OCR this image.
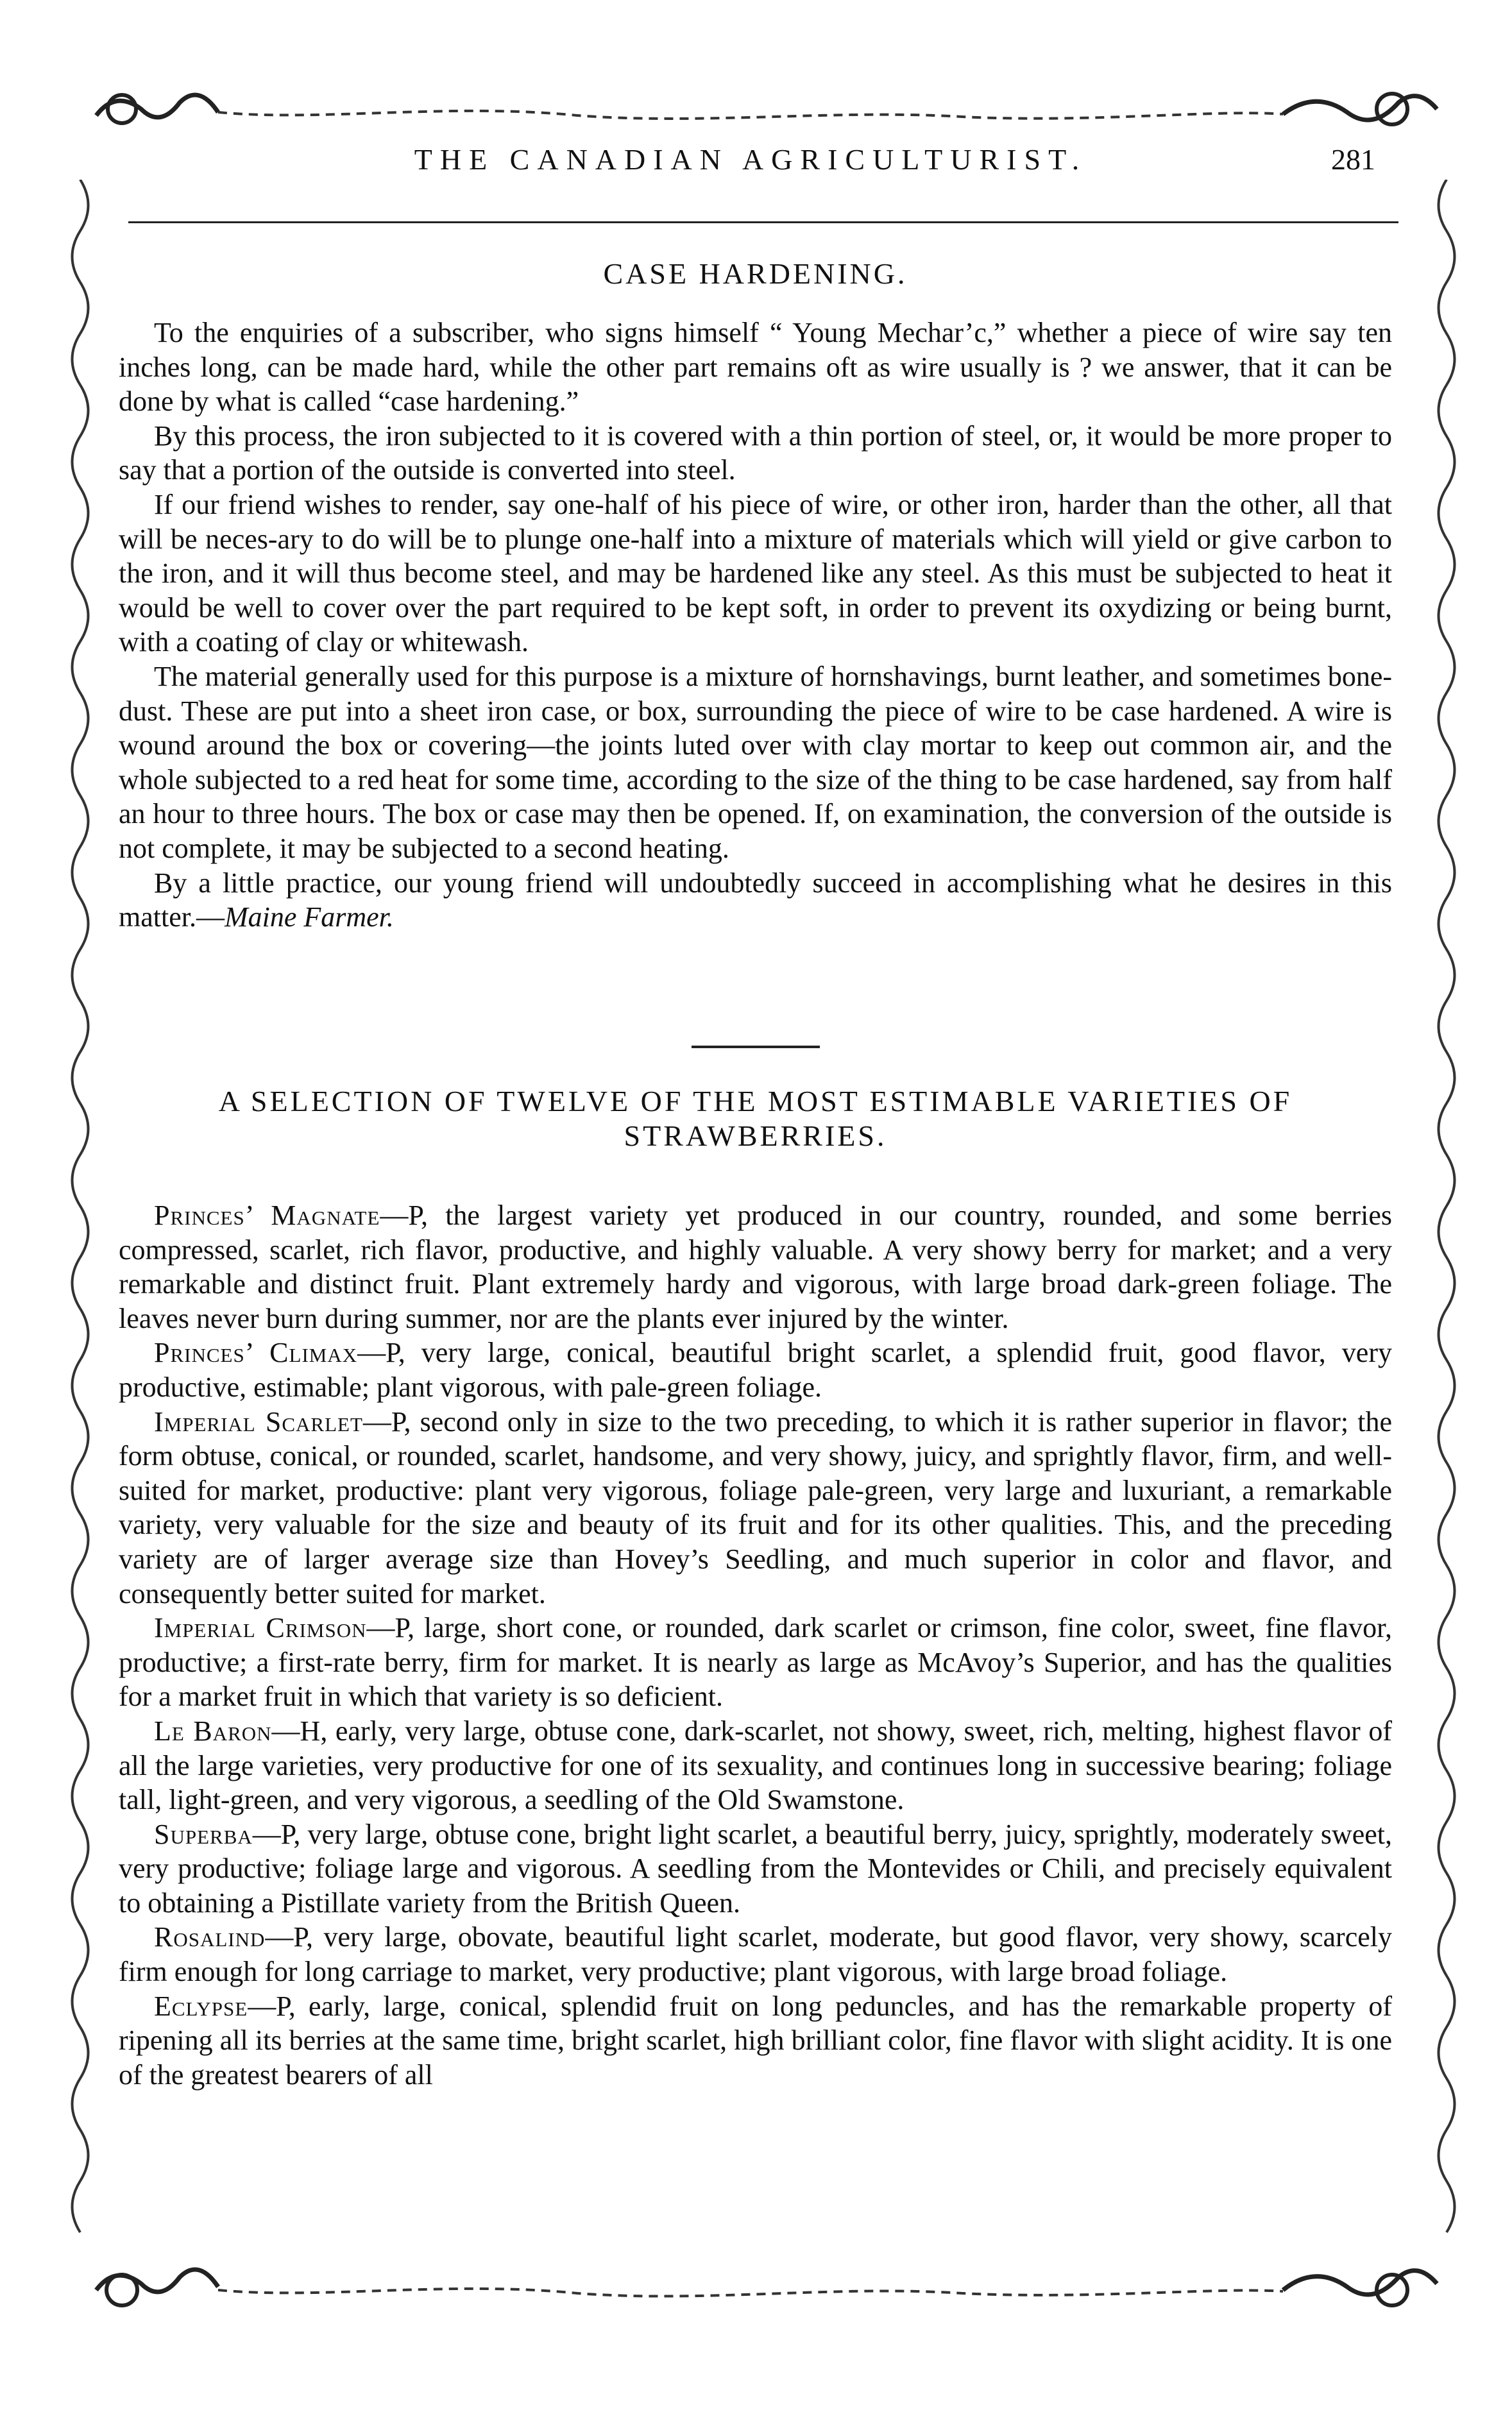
THE CANADIAN AGRICULTURIST.	281
CASE HARDENING.

To the enquiries of a subscriber, who signs himself “ Young Mechar’c,” whether a piece of wire say ten inches long, can be made hard, while the other part remains oft as wire usually is ? we answer, that it can be done by what is called “case hardening.”

By this process, the iron subjected to it is covered with a thin portion of steel, or, it would be more proper to say that a portion of the outside is converted into steel.

If our friend wishes to render, say one-half of his piece of wire, or other iron, harder than the other, all that will be neces-ary to do will be to plunge one-half into a mixture of materials which will yield or give carbon to the iron, and it will thus become steel, and may be hardened like any steel. As this must be subjected to heat it would be well to cover over the part required to be kept soft, in order to prevent its oxydizing or being burnt, with a coating of clay or whitewash.

The material generally used for this purpose is a mixture of hornshavings, burnt leather, and sometimes bone-dust. These are put into a sheet iron case, or box, surrounding the piece of wire to be case hardened. A wire is wound around the box or covering—the joints luted over with clay mortar to keep out common air, and the whole subjected to a red heat for some time, according to the size of the thing to be case hardened, say from half an hour to three hours. The box or case may then be opened. If, on examination, the conversion of the outside is not complete, it may be subjected to a second heating.

By a little practice, our young friend will undoubtedly succeed in accomplishing what he desires in this matter.—Maine Farmer.

A SELECTION OF TWELVE OF THE MOST ESTIMABLE VARIETIES OF
STRAWBERRIES.

Princes’ Magnate—P, the largest variety yet produced in our country, rounded, and some berries compressed, scarlet, rich flavor, productive, and highly valuable. A very showy berry for market; and a very remarkable and distinct fruit. Plant extremely hardy and vigorous, with large broad dark-green foliage. The leaves never burn during summer, nor are the plants ever injured by the winter.

Princes’ Climax—P, very large, conical, beautiful bright scarlet, a splendid fruit, good flavor, very productive, estimable; plant vigorous, with pale-green foliage.

Imperial Scarlet—P, second only in size to the two preceding, to which it is rather superior in flavor; the form obtuse, conical, or rounded, scarlet, handsome, and very showy, juicy, and sprightly flavor, firm, and well-suited for market, productive: plant very vigorous, foliage pale-green, very large and luxuriant, a remarkable variety, very valuable for the size and beauty of its fruit and for its other qualities. This, and the preceding variety are of larger average size than Hovey’s Seedling, and much superior in color and flavor, and consequently better suited for market.

Imperial Crimson—P, large, short cone, or rounded, dark scarlet or crimson, fine color, sweet, fine flavor, productive; a first-rate berry, firm for market. It is nearly as large as McAvoy’s Superior, and has the qualities for a market fruit in which that variety is so deficient.

Le Baron—H, early, very large, obtuse cone, dark-scarlet, not showy, sweet, rich, melting, highest flavor of all the large varieties, very productive for one of its sexuality, and continues long in successive bearing; foliage tall, light-green, and very vigorous, a seedling of the Old Swamstone.

Superba—P, very large, obtuse cone, bright light scarlet, a beautiful berry, juicy, sprightly, moderately sweet, very productive; foliage large and vigorous. A seedling from the Montevides or Chili, and precisely equivalent to obtaining a Pistillate variety from the British Queen.

Rosalind—P, very large, obovate, beautiful light scarlet, moderate, but good flavor, very showy, scarcely firm enough for long carriage to market, very productive; plant vigorous, with large broad foliage.

Eclypse—P, early, large, conical, splendid fruit on long peduncles, and has the remarkable property of ripening all its berries at the same time, bright scarlet, high brilliant color, fine flavor with slight acidity. It is one of the greatest bearers of all
